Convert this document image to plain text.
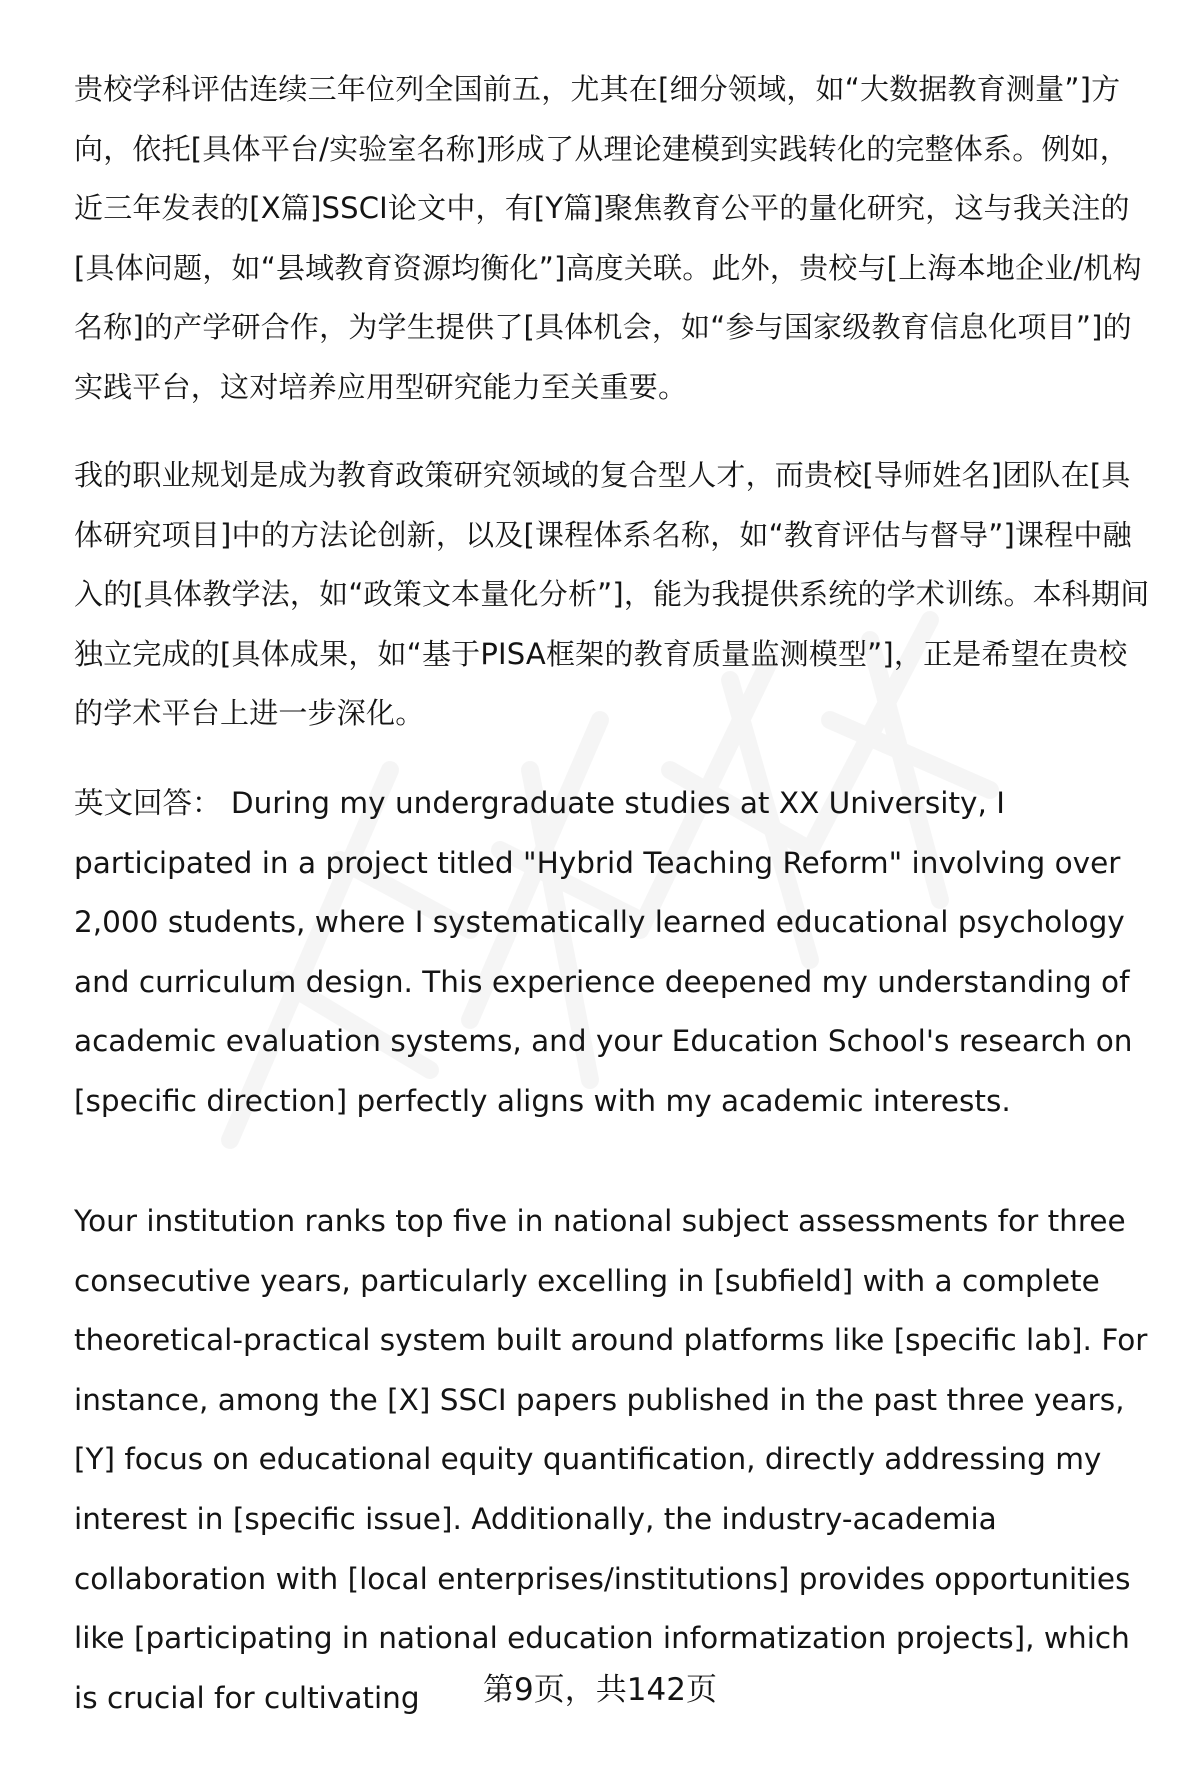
贵校学科评估连续三年位列全国前五，尤其在[细分领域，如“大数据教育测量”]方向，依托[具体平台/实验室名称]形成了从理论建模到实践转化的完整体系。例如，近三年发表的[X篇]SSCI论文中，有[Y篇]聚焦教育公平的量化研究，这与我关注的[具体问题，如“县域教育资源均衡化”]高度关联。此外，贵校与[上海本地企业/机构名称]的产学研合作，为学生提供了[具体机会，如“参与国家级教育信息化项目”]的实践平台，这对培养应用型研究能力至关重要。

我的职业规划是成为教育政策研究领域的复合型人才，而贵校[导师姓名]团队在[具体研究项目]中的方法论创新，以及[课程体系名称，如“教育评估与督导”]课程中融入的[具体教学法，如“政策文本量化分析”]，能为我提供系统的学术训练。本科期间独立完成的[具体成果，如“基于PISA框架的教育质量监测模型”]，正是希望在贵校的学术平台上进一步深化。

英文回答： During my undergraduate studies at XX University, I participated in a project titled "Hybrid Teaching Reform" involving over 2,000 students, where I systematically learned educational psychology and curriculum design. This experience deepened my understanding of academic evaluation systems, and your Education School's research on [specific direction] perfectly aligns with my academic interests.

Your institution ranks top five in national subject assessments for three consecutive years, particularly excelling in [subfield] with a complete theoretical-practical system built around platforms like [specific lab]. For instance, among the [X] SSCI papers published in the past three years, [Y] focus on educational equity quantification, directly addressing my interest in [specific issue]. Additionally, the industry-academia collaboration with [local enterprises/institutions] provides opportunities like [participating in national education informatization projects], which is crucial for cultivating	第9页，共142页
